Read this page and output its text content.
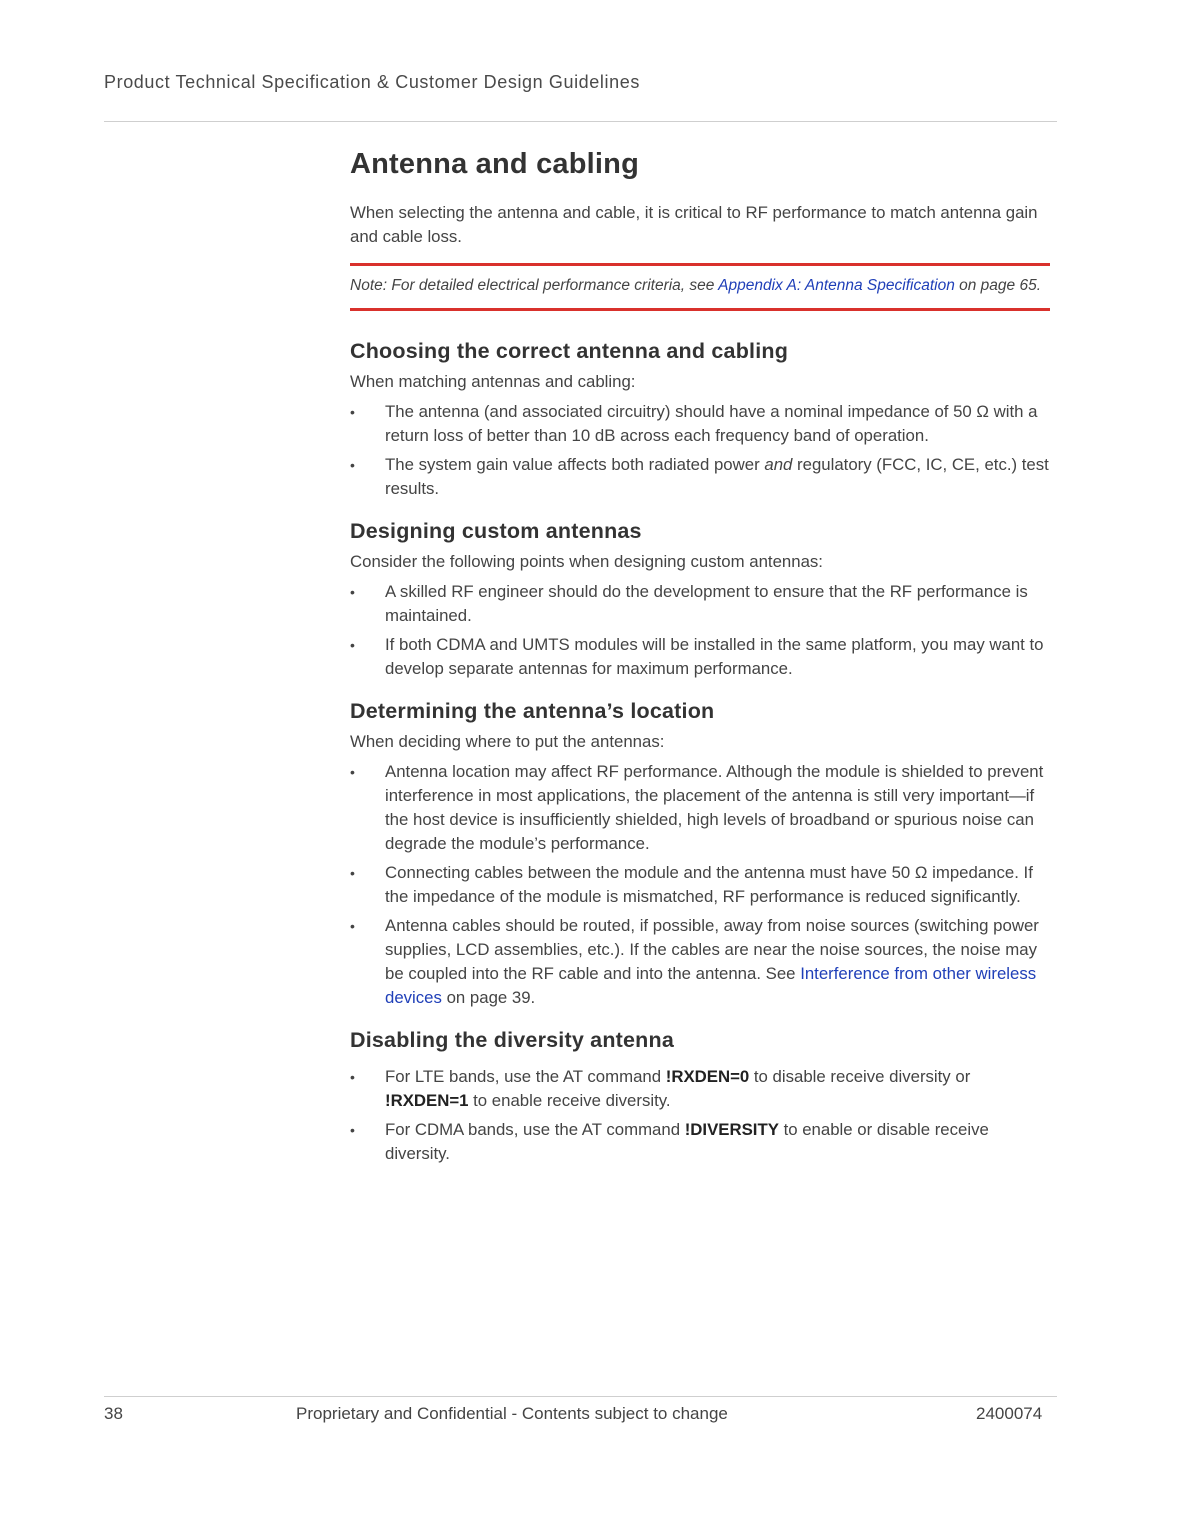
Product Technical Specification & Customer Design Guidelines
Antenna and cabling

When selecting the antenna and cable, it is critical to RF performance to match antenna gain and cable loss.

Note: For detailed electrical performance criteria, see Appendix A: Antenna Specification on page 65.
Choosing the correct antenna and cabling

When matching antennas and cabling:

• The antenna (and associated circuitry) should have a nominal impedance of 50 Ω with a return loss of better than 10 dB across each frequency band of operation.
• The system gain value affects both radiated power and regulatory (FCC, IC, CE, etc.) test results.
Designing custom antennas

Consider the following points when designing custom antennas:

• A skilled RF engineer should do the development to ensure that the RF performance is maintained.
• If both CDMA and UMTS modules will be installed in the same platform, you may want to develop separate antennas for maximum performance.
Determining the antenna’s location

When deciding where to put the antennas:

• Antenna location may affect RF performance. Although the module is shielded to prevent interference in most applications, the placement of the antenna is still very important—if the host device is insufficiently shielded, high levels of broadband or spurious noise can degrade the module’s performance.
• Connecting cables between the module and the antenna must have 50 Ω impedance. If the impedance of the module is mismatched, RF performance is reduced significantly.
• Antenna cables should be routed, if possible, away from noise sources (switching power supplies, LCD assemblies, etc.). If the cables are near the noise sources, the noise may be coupled into the RF cable and into the antenna. See Interference from other wireless devices on page 39.
Disabling the diversity antenna
• For LTE bands, use the AT command !RXDEN=0 to disable receive diversity or !RXDEN=1 to enable receive diversity.
• For CDMA bands, use the AT command !DIVERSITY to enable or disable receive diversity.
38	Proprietary and Confidential - Contents subject to change	2400074
